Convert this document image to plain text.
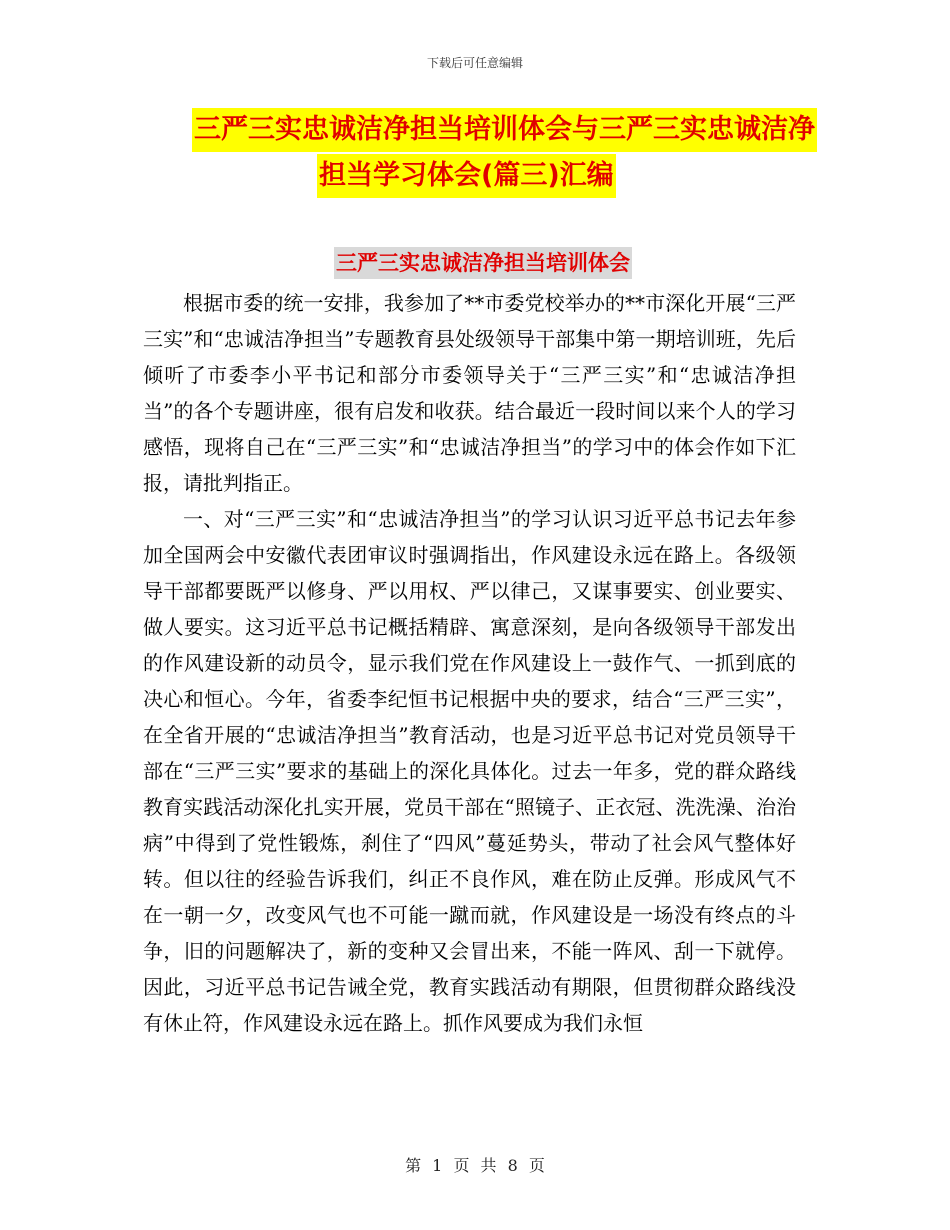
下载后可任意编辑
三严三实忠诚洁净担当培训体会与三严三实忠诚洁净
担当学习体会(篇三)汇编
三严三实忠诚洁净担当培训体会

根据市委的统一安排，我参加了**市委党校举办的**市深化开展“三严三实”和“忠诚洁净担当”专题教育县处级领导干部集中第一期培训班，先后倾听了市委李小平书记和部分市委领导关于“三严三实”和“忠诚洁净担当”的各个专题讲座，很有启发和收获。结合最近一段时间以来个人的学习感悟，现将自己在“三严三实”和“忠诚洁净担当”的学习中的体会作如下汇报，请批判指正。

一、对“三严三实”和“忠诚洁净担当”的学习认识习近平总书记去年参加全国两会中安徽代表团审议时强调指出，作风建设永远在路上。各级领导干部都要既严以修身、严以用权、严以律己，又谋事要实、创业要实、做人要实。这习近平总书记概括精辟、寓意深刻，是向各级领导干部发出的作风建设新的动员令，显示我们党在作风建设上一鼓作气、一抓到底的决心和恒心。今年，省委李纪恒书记根据中央的要求，结合“三严三实”，在全省开展的“忠诚洁净担当”教育活动，也是习近平总书记对党员领导干部在“三严三实”要求的基础上的深化具体化。过去一年多，党的群众路线教育实践活动深化扎实开展，党员干部在“照镜子、正衣冠、洗洗澡、治治病”中得到了党性锻炼，刹住了“四风”蔓延势头，带动了社会风气整体好转。但以往的经验告诉我们，纠正不良作风，难在防止反弹。形成风气不在一朝一夕，改变风气也不可能一蹴而就，作风建设是一场没有终点的斗争，旧的问题解决了，新的变种又会冒出来，不能一阵风、刮一下就停。因此，习近平总书记告诫全党，教育实践活动有期限，但贯彻群众路线没有休止符，作风建设永远在路上。抓作风要成为我们永恒

第 1 页 共 8 页
